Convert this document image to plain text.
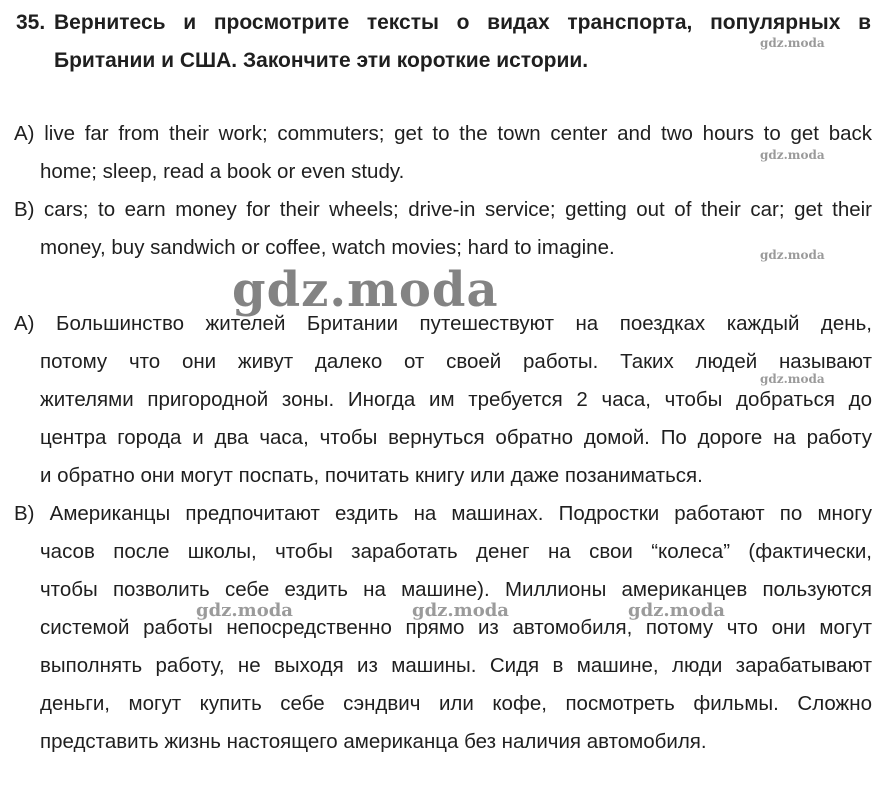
35. Вернитесь и просмотрите тексты о видах транспорта, популярных в
Британии и США. Закончите эти короткие истории.
A) live far from their work; commuters; get to the town center and two hours to get back
home; sleep, read a book or even study.
B) cars; to earn money for their wheels; drive-in service; getting out of their car; get their
money, buy sandwich or coffee, watch movies; hard to imagine.
A) Большинство жителей Британии путешествуют на поездках каждый день,
потому что они живут далеко от своей работы. Таких людей называют
жителями пригородной зоны. Иногда им требуется 2 часа, чтобы добраться до
центра города и два часа, чтобы вернуться обратно домой. По дороге на работу
и обратно они могут поспать, почитать книгу или даже позаниматься.
B) Американцы предпочитают ездить на машинах. Подростки работают по многу
часов после школы, чтобы заработать денег на свои “колеса” (фактически,
чтобы позволить себе ездить на машине). Миллионы американцев пользуются
системой работы непосредственно прямо из автомобиля, потому что они могут
выполнять работу, не выходя из машины. Сидя в машине, люди зарабатывают
деньги, могут купить себе сэндвич или кофе, посмотреть фильмы. Сложно
представить жизнь настоящего американца без наличия автомобиля.
gdz.moda
gdz.moda
gdz.moda
gdz.moda
gdz.moda
gdz.moda	gdz.moda	gdz.moda
